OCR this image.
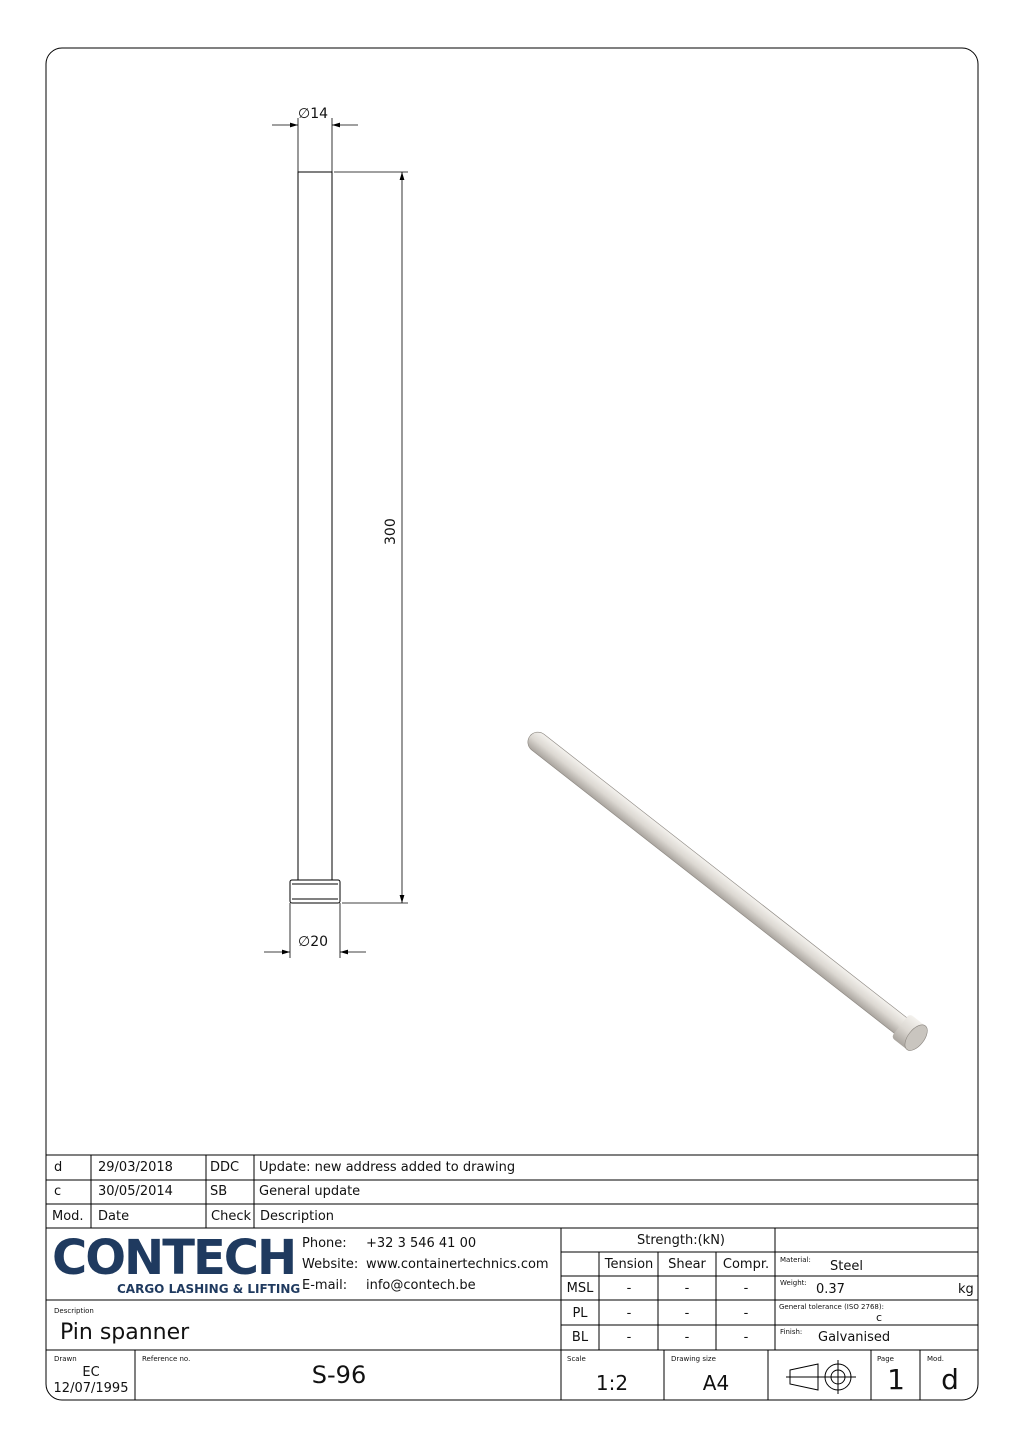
∅14
∅20
300
d	29/03/2018	DDC Update: new address added to drawing
c	30/05/2014	SB General update
Mod. Date	Check Description
CONTECH
CARGO LASHING & LIFTING
Phone: +32 3 546 41 00
Website: www.containertechnics.com
E-mail: info@contech.be
Description
Pin spanner
Drawn
EC
12/07/1995
Reference no.
S-96
Strength:(kN)
Tension Shear Compr.
MSL	-	-	-
PL	-	-	-
BL	-	-	-
Material: Steel
Weight: 0.37	kg
General tolerance (ISO 2768):
c
Finish: Galvanised
Scale
1:2
Drawing size
A4
Page
1
Mod.
d
